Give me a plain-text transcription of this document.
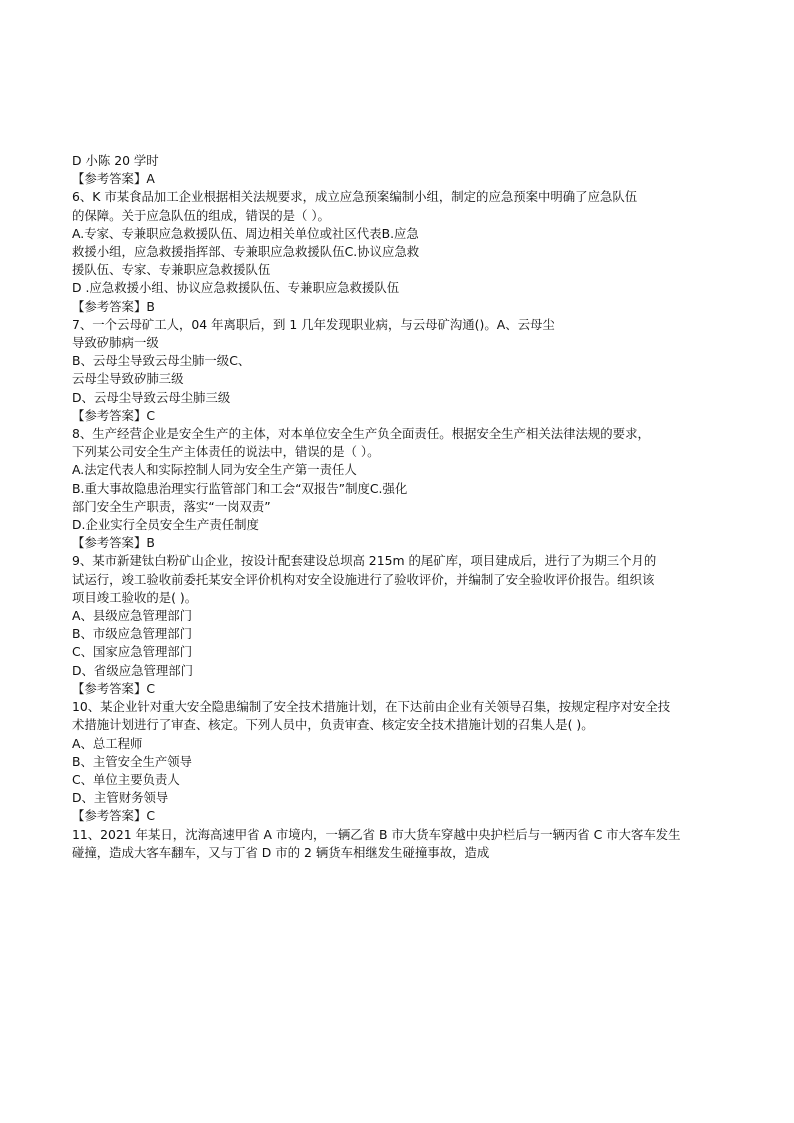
D 小陈 20 学时
【参考答案】A
6、K 市某食品加工企业根据相关法规要求，成立应急预案编制小组，制定的应急预案中明确了应急队伍
的保障。关于应急队伍的组成，错误的是（ ）。
A.专家、专兼职应急救援队伍、周边相关单位或社区代表B.应急
救援小组，应急救援指挥部、专兼职应急救援队伍C.协议应急救
援队伍、专家、专兼职应急救援队伍
D .应急救援小组、协议应急救援队伍、专兼职应急救援队伍
【参考答案】B
7、一个云母矿工人，04 年离职后，到 1 几年发现职业病，与云母矿沟通()。A、云母尘
导致矽肺病一级
B、云母尘导致云母尘肺一级C、
云母尘导致矽肺三级
D、云母尘导致云母尘肺三级
【参考答案】C
8、生产经营企业是安全生产的主体，对本单位安全生产负全面责任。根据安全生产相关法律法规的要求，
下列某公司安全生产主体责任的说法中，错误的是（ ）。
A.法定代表人和实际控制人同为安全生产第一责任人
B.重大事故隐患治理实行监管部门和工会“双报告”制度C.强化
部门安全生产职责，落实“一岗双责”
D.企业实行全员安全生产责任制度
【参考答案】B
9、某市新建钛白粉矿山企业，按设计配套建设总坝高 215m 的尾矿库，项目建成后，进行了为期三个月的
试运行，竣工验收前委托某安全评价机构对安全设施进行了验收评价，并编制了安全验收评价报告。组织该
项目竣工验收的是( )。
A、县级应急管理部门
B、市级应急管理部门
C、国家应急管理部门
D、省级应急管理部门
【参考答案】C
10、某企业针对重大安全隐患编制了安全技术措施计划，在下达前由企业有关领导召集，按规定程序对安全技
术措施计划进行了审查、核定。下列人员中，负责审查、核定安全技术措施计划的召集人是( )。
A、总工程师
B、主管安全生产领导
C、单位主要负责人
D、主管财务领导
【参考答案】C
11、2021 年某日，沈海高速甲省 A 市境内，一辆乙省 B 市大货车穿越中央护栏后与一辆丙省 C 市大客车发生
碰撞，造成大客车翻车，又与丁省 D 市的 2 辆货车相继发生碰撞事故，造成
